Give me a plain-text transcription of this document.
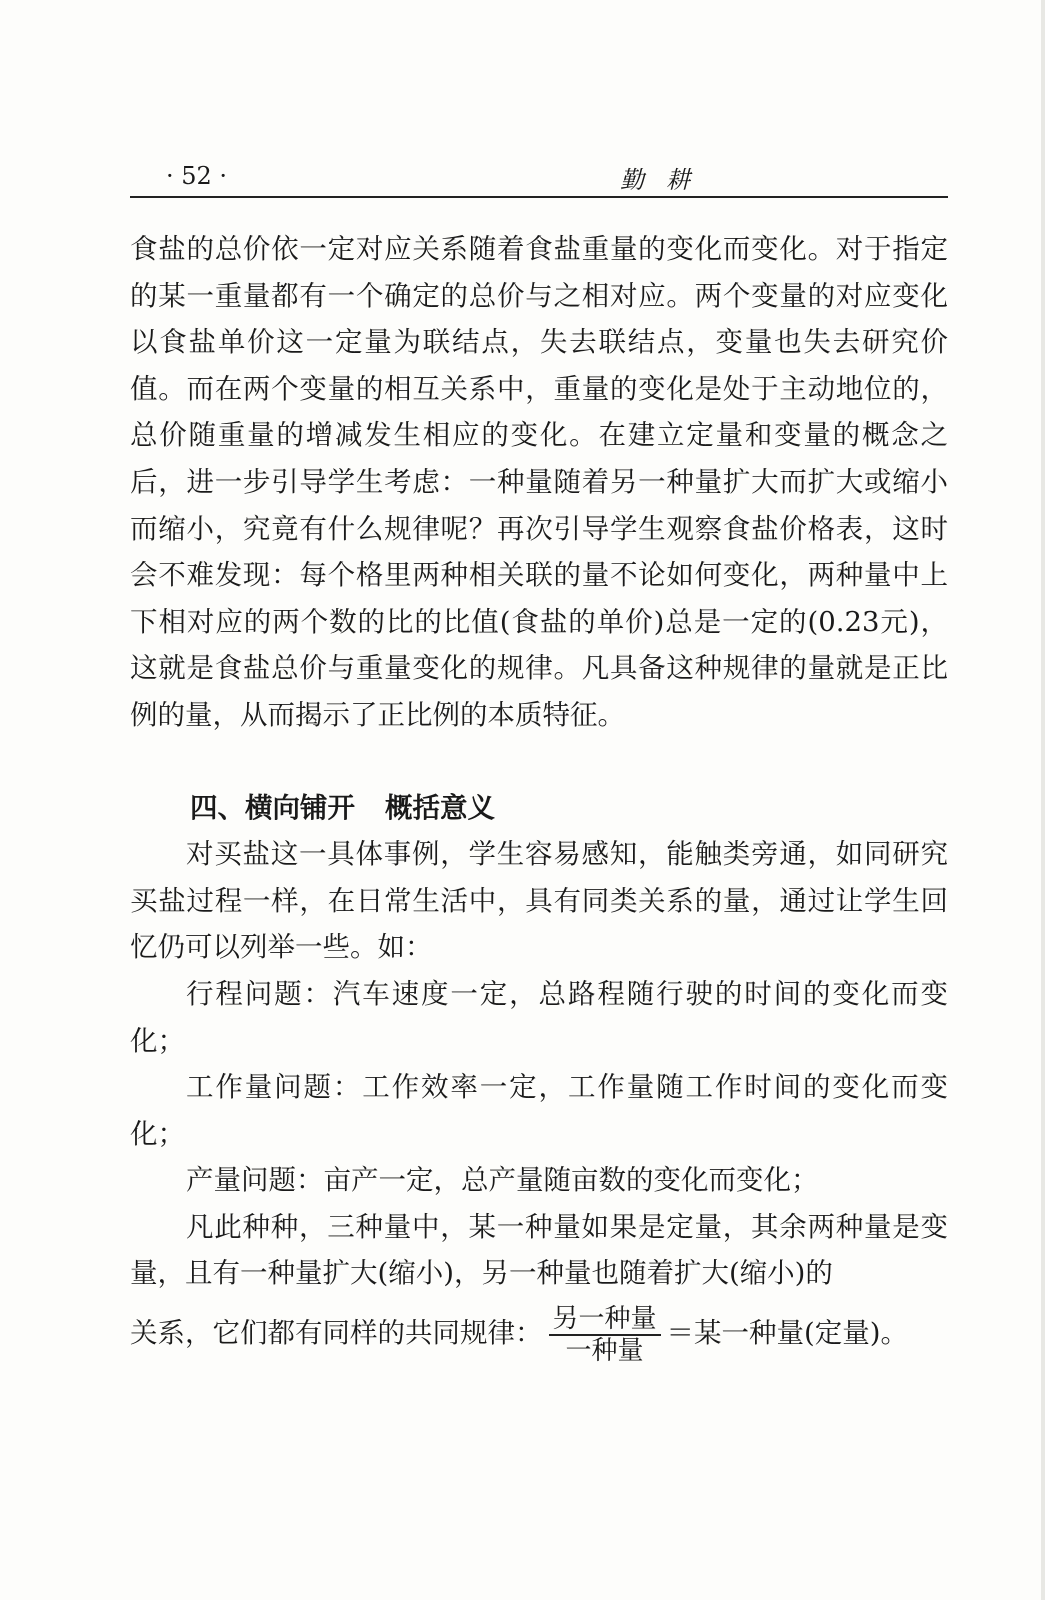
· 52 ·	勤耕

食盐的总价依一定对应关系随着食盐重量的变化而变化。对于指定的某一重量都有一个确定的总价与之相对应。两个变量的对应变化以食盐单价这一定量为联结点，失去联结点，变量也失去研究价值。而在两个变量的相互关系中，重量的变化是处于主动地位的，总价随重量的增减发生相应的变化。在建立定量和变量的概念之后，进一步引导学生考虑：一种量随着另一种量扩大而扩大或缩小而缩小，究竟有什么规律呢？再次引导学生观察食盐价格表，这时会不难发现：每个格里两种相关联的量不论如何变化，两种量中上下相对应的两个数的比的比值(食盐的单价)总是一定的(0.23元)，这就是食盐总价与重量变化的规律。凡具备这种规律的量就是正比例的量，从而揭示了正比例的本质特征。

四、横向铺开 概括意义

对买盐这一具体事例，学生容易感知，能触类旁通，如同研究买盐过程一样，在日常生活中，具有同类关系的量，通过让学生回忆仍可以列举一些。如：

行程问题：汽车速度一定，总路程随行驶的时间的变化而变化；

工作量问题：工作效率一定，工作量随工作时间的变化而变化；

产量问题：亩产一定，总产量随亩数的变化而变化；

凡此种种，三种量中，某一种量如果是定量，其余两种量是变量，且有一种量扩大(缩小)，另一种量也随着扩大(缩小)的

关系，它们都有同样的共同规律： $\frac{\text{另一种量}}{\text{一种量}}$ ＝某一种量(定量)。
